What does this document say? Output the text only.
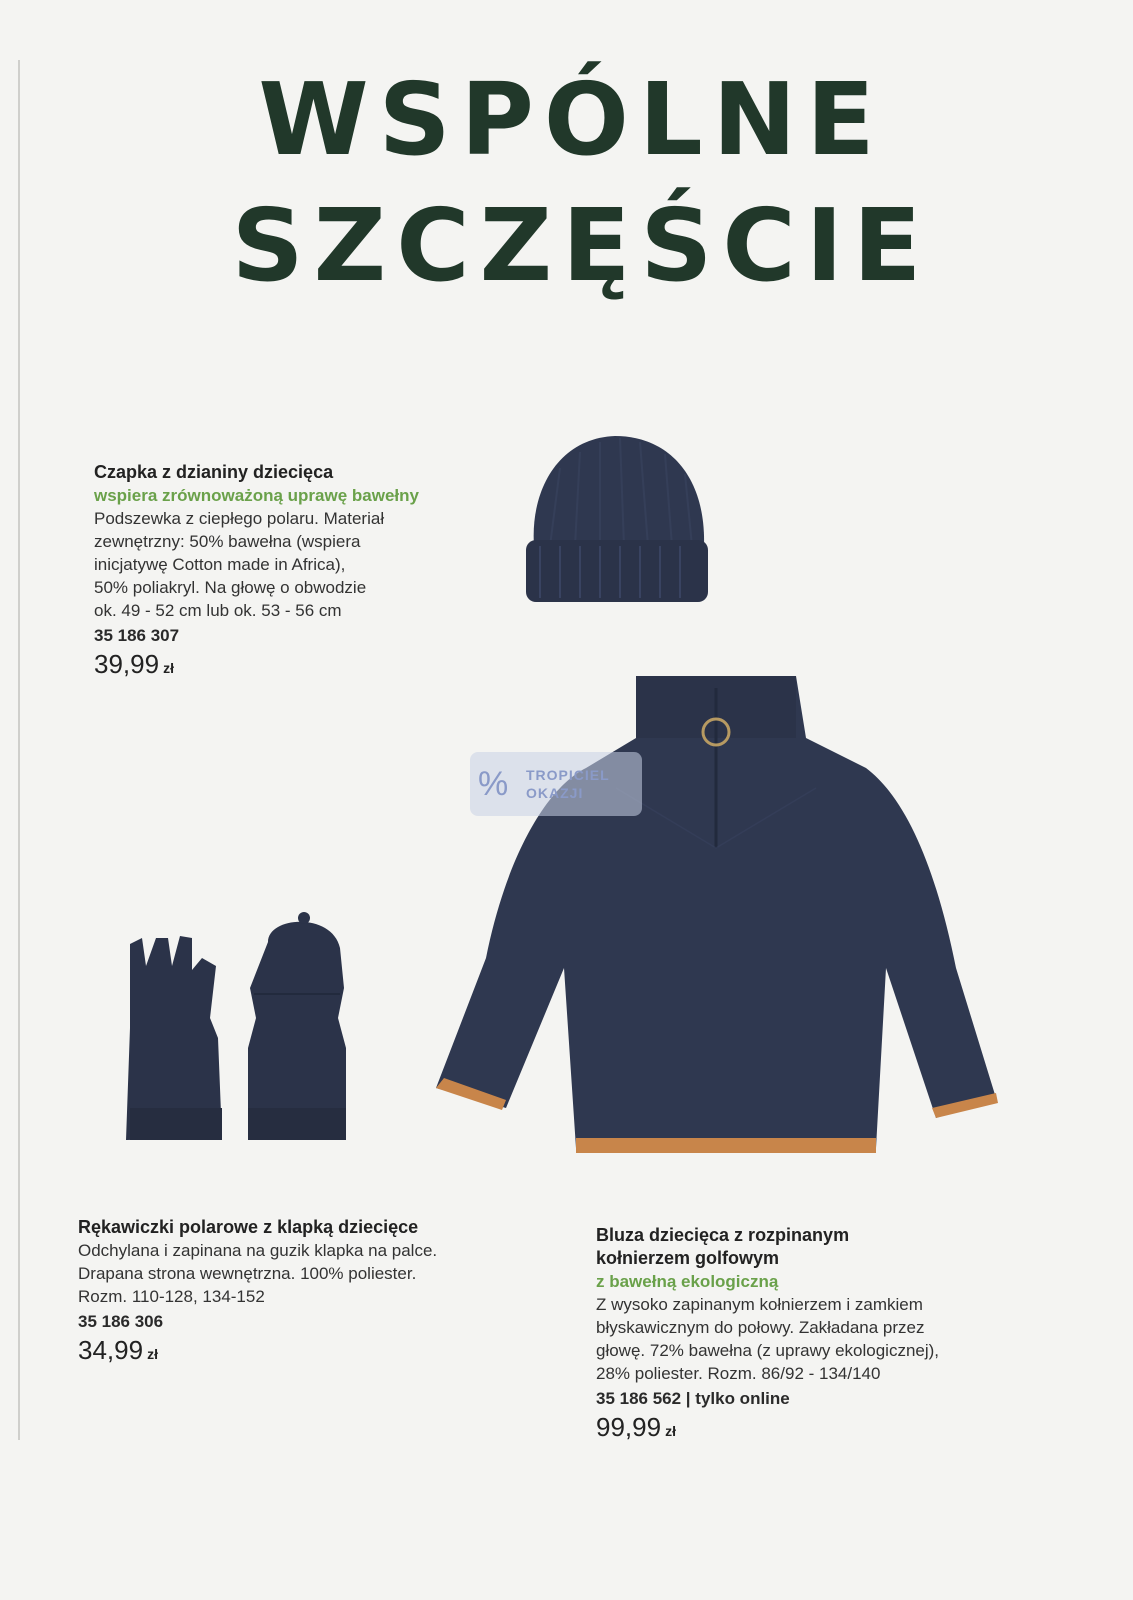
WSPÓLNE
SZCZĘŚCIE
%	TROPICIEL
OKAZJI
Czapka z dzianiny dziecięca
wspiera zrównoważoną uprawę bawełny
Podszewka z ciepłego polaru. Materiał
zewnętrzny: 50% bawełna (wspiera
inicjatywę Cotton made in Africa),
50% poliakryl. Na głowę o obwodzie
ok. 49 - 52 cm lub ok. 53 - 56 cm
35 186 307
39,99 zł
Rękawiczki polarowe z klapką dziecięce
Odchylana i zapinana na guzik klapka na palce.
Drapana strona wewnętrzna. 100% poliester.
Rozm. 110-128, 134-152
35 186 306
34,99 zł
Bluza dziecięca z rozpinanym
kołnierzem golfowym
z bawełną ekologiczną
Z wysoko zapinanym kołnierzem i zamkiem
błyskawicznym do połowy. Zakładana przez
głowę. 72% bawełna (z uprawy ekologicznej),
28% poliester. Rozm. 86/92 - 134/140
35 186 562 | tylko online
99,99 zł
